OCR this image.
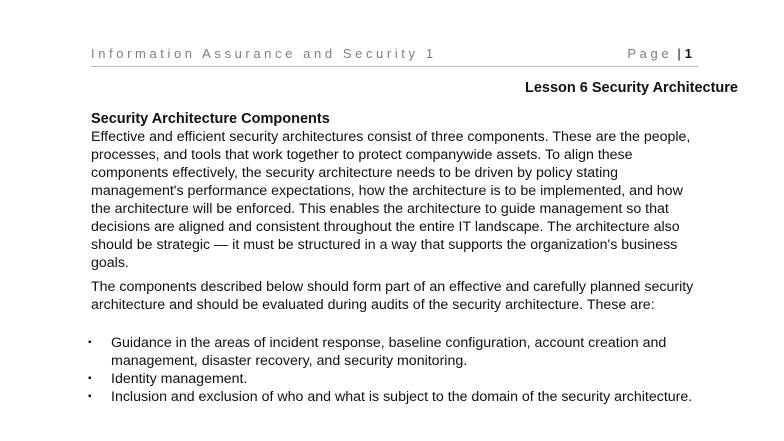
Information Assurance and Security 1	Page | 1
Lesson 6 Security Architecture

Security Architecture Components

Effective and efficient security architectures consist of three components. These are the people, processes, and tools that work together to protect companywide assets. To align these components effectively, the security architecture needs to be driven by policy stating management's performance expectations, how the architecture is to be implemented, and how the architecture will be enforced. This enables the architecture to guide management so that decisions are aligned and consistent throughout the entire IT landscape. The architecture also should be strategic — it must be structured in a way that supports the organization's business goals.

The components described below should form part of an effective and carefully planned security architecture and should be evaluated during audits of the security architecture. These are:

▪ Guidance in the areas of incident response, baseline configuration, account creation and management, disaster recovery, and security monitoring.
▪ Identity management.
▪ Inclusion and exclusion of who and what is subject to the domain of the security architecture.
